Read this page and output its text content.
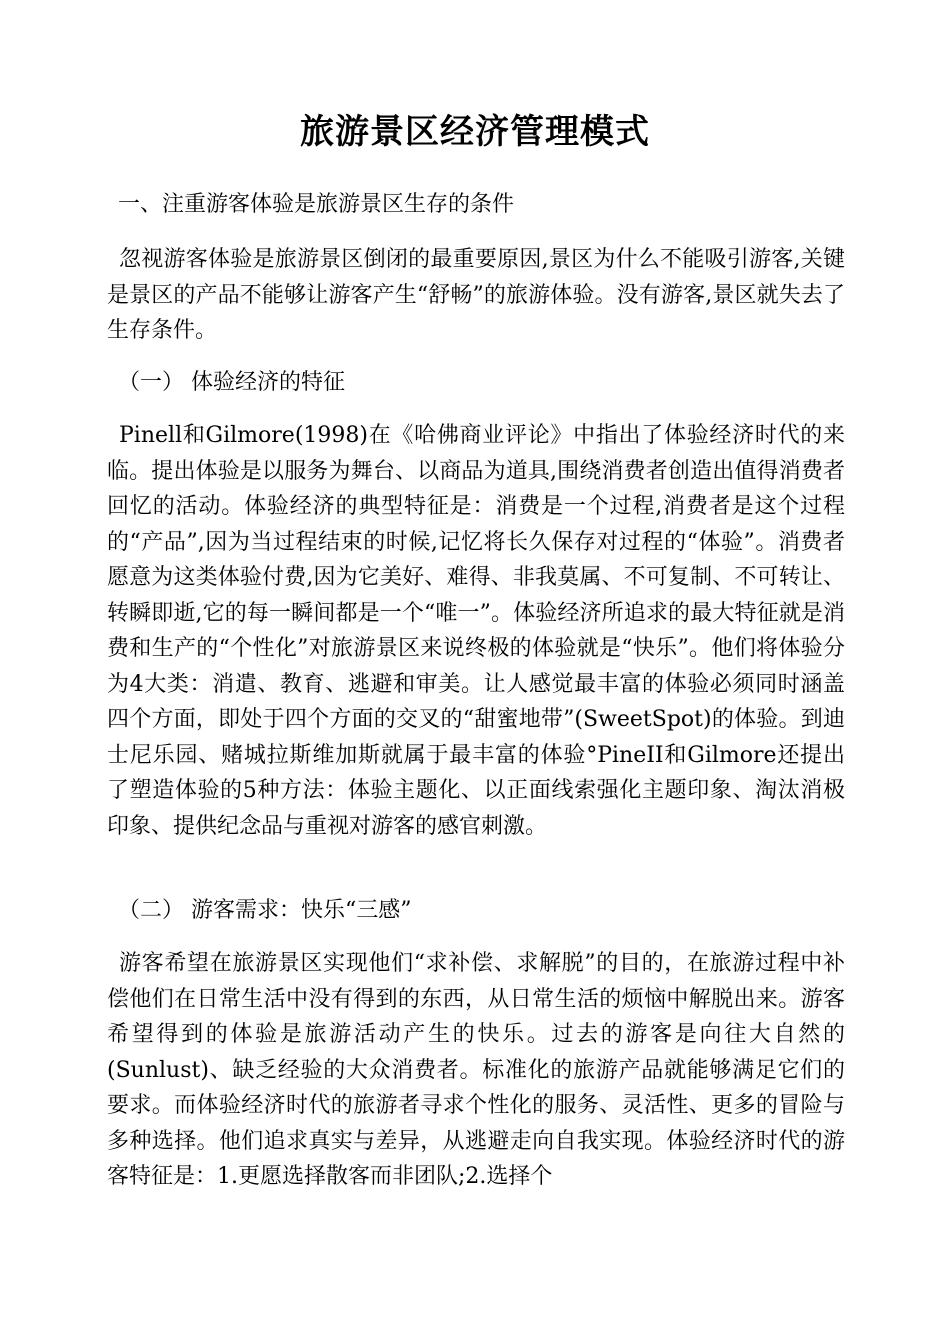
旅游景区经济管理模式
一、注重游客体验是旅游景区生存的条件

忽视游客体验是旅游景区倒闭的最重要原因,景区为什么不能吸引游客,关键是景区的产品不能够让游客产生“舒畅”的旅游体验。没有游客,景区就失去了生存条件。

（一） 体验经济的特征

Pinell和Gilmore(1998)在《哈佛商业评论》中指出了体验经济时代的来临。提出体验是以服务为舞台、以商品为道具,围绕消费者创造出值得消费者回忆的活动。体验经济的典型特征是：消费是一个过程,消费者是这个过程的“产品”,因为当过程结束的时候,记忆将长久保存对过程的“体验”。消费者愿意为这类体验付费,因为它美好、难得、非我莫属、不可复制、不可转让、转瞬即逝,它的每一瞬间都是一个“唯一”。体验经济所追求的最大特征就是消费和生产的“个性化”对旅游景区来说终极的体验就是“快乐”。他们将体验分为4大类：消遣、教育、逃避和审美。让人感觉最丰富的体验必须同时涵盖四个方面，即处于四个方面的交叉的“甜蜜地带”(SweetSpot)的体验。到迪士尼乐园、赌城拉斯维加斯就属于最丰富的体验°PineII和Gilmore还提出了塑造体验的5种方法：体验主题化、以正面线索强化主题印象、淘汰消极印象、提供纪念品与重视对游客的感官刺激。

（二） 游客需求：快乐“三感”

游客希望在旅游景区实现他们“求补偿、求解脱”的目的，在旅游过程中补偿他们在日常生活中没有得到的东西，从日常生活的烦恼中解脱出来。游客希望得到的体验是旅游活动产生的快乐。过去的游客是向往大自然的(Sunlust)、缺乏经验的大众消费者。标准化的旅游产品就能够满足它们的要求。而体验经济时代的旅游者寻求个性化的服务、灵活性、更多的冒险与多种选择。他们追求真实与差异，从逃避走向自我实现。体验经济时代的游客特征是：1.更愿选择散客而非团队;2.选择个
